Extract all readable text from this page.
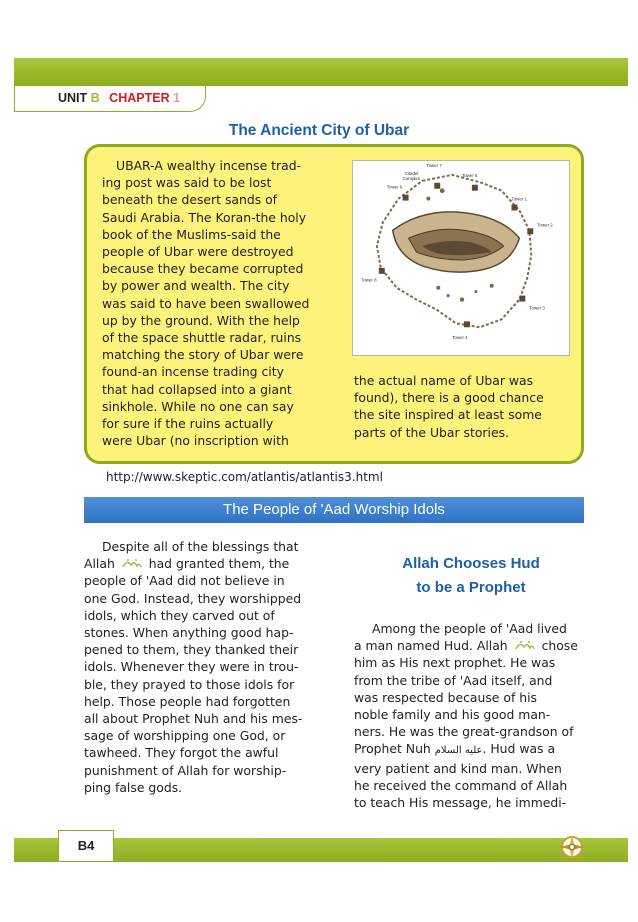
UNIT B CHAPTER 1
The Ancient City of Ubar
UBAR-A wealthy incense trad-
ing post was said to be lost
beneath the desert sands of
Saudi Arabia. The Koran-the holy
book of the Muslims-said the
people of Ubar were destroyed
because they became corrupted
by power and wealth. The city
was said to have been swallowed
up by the ground. With the help
of the space shuttle radar, ruins
matching the story of Ubar were
found-an incense trading city
that had collapsed into a giant
sinkhole. While no one can say
for sure if the ruins actually
were Ubar (no inscription with
Citadel
Complex
Tower 7
Tower 6
Tower 5
Tower 1
Tower 2
Tower 3
Tower 4
Tower 8
the actual name of Ubar was
found), there is a good chance
the site inspired at least some
parts of the Ubar stories.
http://www.skeptic.com/atlantis/atlantis3.html
The People of 'Aad Worship Idols
Despite all of the blessings that
Allah	had granted them, the
people of 'Aad did not believe in
one God. Instead, they worshipped
idols, which they carved out of
stones. When anything good hap-
pened to them, they thanked their
idols. Whenever they were in trou-
ble, they prayed to those idols for
help. Those people had forgotten
all about Prophet Nuh and his mes-
sage of worshipping one God, or
tawheed. They forgot the awful
punishment of Allah for worship-
ping false gods.
Allah Chooses Hud
to be a Prophet
Among the people of 'Aad lived
a man named Hud. Allah	chose
him as His next prophet. He was
from the tribe of 'Aad itself, and
was respected because of his
noble family and his good man-
ners. He was the great-grandson of
Prophet Nuh عليه السلام. Hud was a
very patient and kind man. When
he received the command of Allah
to teach His message, he immedi-
B4
